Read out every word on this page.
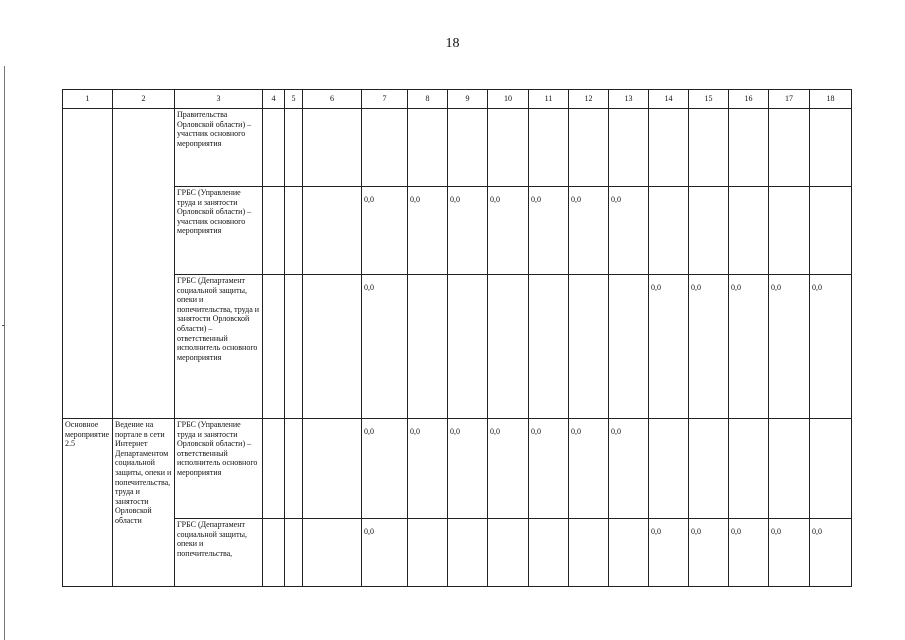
18
1	2	3	4	5	6	7	8	9	10	11	12	13	14	15	16	17	18
		Правительства Орловской области) – участник основного мероприятия															
		ГРБС (Управление труда и занятости Орловской области) – участник основного мероприятия				0,0	0,0	0,0	0,0	0,0	0,0	0,0					
		ГРБС (Департамент социальной защиты, опеки и попечительства, труда и занятости Орловской области) – ответственный исполнитель основного мероприятия				0,0							0,0	0,0	0,0	0,0	0,0
Основное мероприятие 2.5	Ведение на портале в сети Интернет Департаментом социальной защиты, опеки и попечительства, труда и занятости Орловской области	ГРБС (Управление труда и занятости Орловской области) – ответственный исполнитель основного мероприятия				0,0	0,0	0,0	0,0	0,0	0,0	0,0					
		ГРБС (Департамент социальной защиты, опеки и попечительства,				0,0							0,0	0,0	0,0	0,0	0,0
